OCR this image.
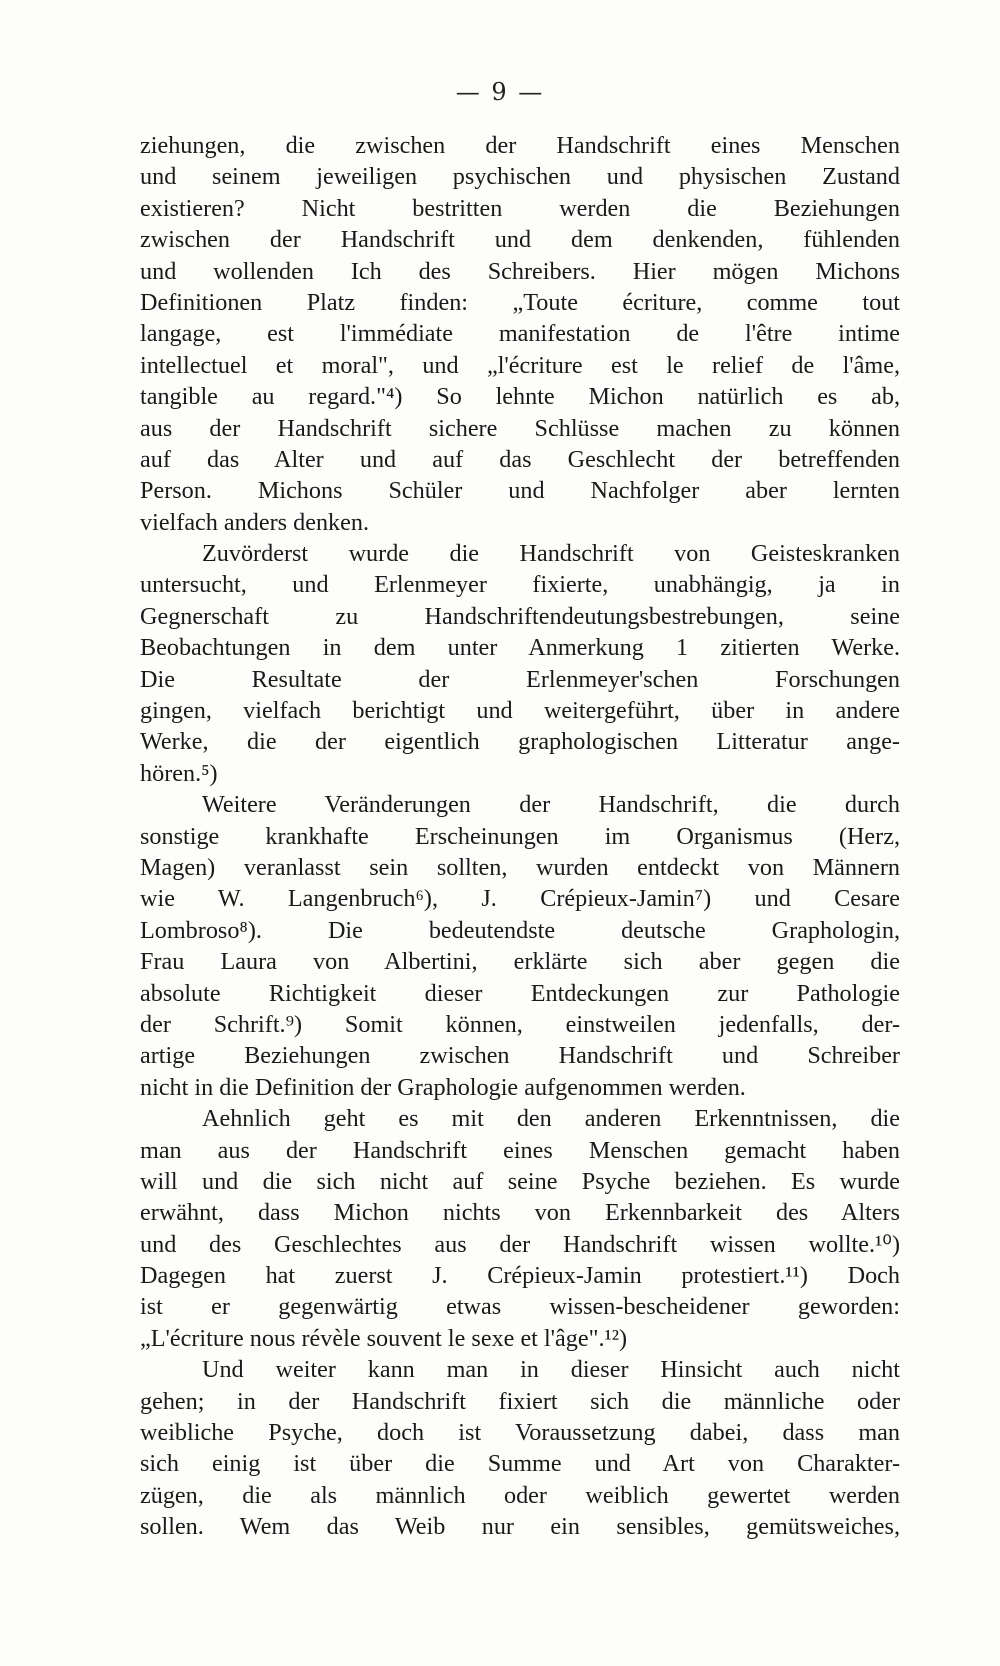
— 9 —
ziehungen, die zwischen der Handschrift eines Menschen
und seinem jeweiligen psychischen und physischen Zustand
existieren? Nicht bestritten werden die Beziehungen
zwischen der Handschrift und dem denkenden, fühlenden
und wollenden Ich des Schreibers. Hier mögen Michons
Definitionen Platz finden: „Toute écriture, comme tout
langage, est l'immédiate manifestation de l'être intime
intellectuel et moral", und „l'écriture est le relief de l'âme,
tangible au regard."⁴) So lehnte Michon natürlich es ab,
aus der Handschrift sichere Schlüsse machen zu können
auf das Alter und auf das Geschlecht der betreffenden
Person. Michons Schüler und Nachfolger aber lernten
vielfach anders denken.
Zuvörderst wurde die Handschrift von Geisteskranken
untersucht, und Erlenmeyer fixierte, unabhängig, ja in
Gegnerschaft zu Handschriftendeutungsbestrebungen, seine
Beobachtungen in dem unter Anmerkung 1 zitierten Werke.
Die Resultate der Erlenmeyer'schen Forschungen
gingen, vielfach berichtigt und weitergeführt, über in andere
Werke, die der eigentlich graphologischen Litteratur ange-
hören.⁵)
Weitere Veränderungen der Handschrift, die durch
sonstige krankhafte Erscheinungen im Organismus (Herz,
Magen) veranlasst sein sollten, wurden entdeckt von Männern
wie W. Langenbruch⁶), J. Crépieux-Jamin⁷) und Cesare
Lombroso⁸). Die bedeutendste deutsche Graphologin,
Frau Laura von Albertini, erklärte sich aber gegen die
absolute Richtigkeit dieser Entdeckungen zur Pathologie
der Schrift.⁹) Somit können, einstweilen jedenfalls, der-
artige Beziehungen zwischen Handschrift und Schreiber
nicht in die Definition der Graphologie aufgenommen werden.
Aehnlich geht es mit den anderen Erkenntnissen, die
man aus der Handschrift eines Menschen gemacht haben
will und die sich nicht auf seine Psyche beziehen. Es wurde
erwähnt, dass Michon nichts von Erkennbarkeit des Alters
und des Geschlechtes aus der Handschrift wissen wollte.¹⁰)
Dagegen hat zuerst J. Crépieux-Jamin protestiert.¹¹) Doch
ist er gegenwärtig etwas wissen-bescheidener geworden:
„L'écriture nous révèle souvent le sexe et l'âge".¹²)
Und weiter kann man in dieser Hinsicht auch nicht
gehen; in der Handschrift fixiert sich die männliche oder
weibliche Psyche, doch ist Voraussetzung dabei, dass man
sich einig ist über die Summe und Art von Charakter-
zügen, die als männlich oder weiblich gewertet werden
sollen. Wem das Weib nur ein sensibles, gemütsweiches,
